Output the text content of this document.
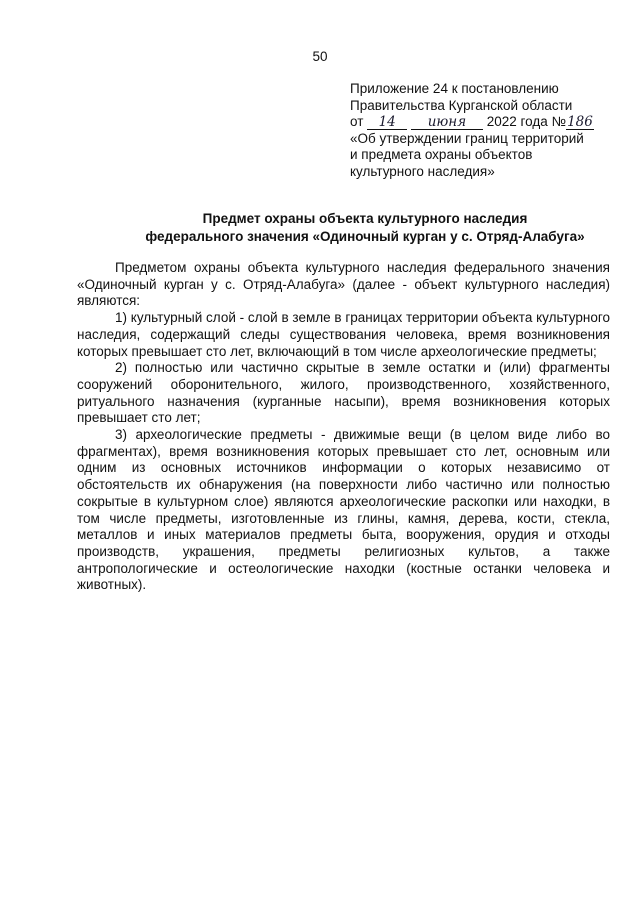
50
Приложение 24 к постановлению
Правительства Курганской области
от 14 июня 2022 года №186
«Об утверждении границ территорий
и предмета охраны объектов
культурного наследия»
Предмет охраны объекта культурного наследия
федерального значения «Одиночный курган у с. Отряд-Алабуга»

Предметом охраны объекта культурного наследия федерального значения «Одиночный курган у с. Отряд-Алабуга» (далее - объект культурного наследия) являются:

1) культурный слой - слой в земле в границах территории объекта культурного наследия, содержащий следы существования человека, время возникновения которых превышает сто лет, включающий в том числе археологические предметы;

2) полностью или частично скрытые в земле остатки и (или) фрагменты сооружений оборонительного, жилого, производственного, хозяйственного, ритуального назначения (курганные насыпи), время возникновения которых превышает сто лет;

3) археологические предметы - движимые вещи (в целом виде либо во фрагментах), время возникновения которых превышает сто лет, основным или одним из основных источников информации о которых независимо от обстоятельств их обнаружения (на поверхности либо частично или полностью сокрытые в культурном слое) являются археологические раскопки или находки, в том числе предметы, изготовленные из глины, камня, дерева, кости, стекла, металлов и иных материалов предметы быта, вооружения, орудия и отходы производств, украшения, предметы религиозных культов, а также антропологические и остеологические находки (костные останки человека и животных).
